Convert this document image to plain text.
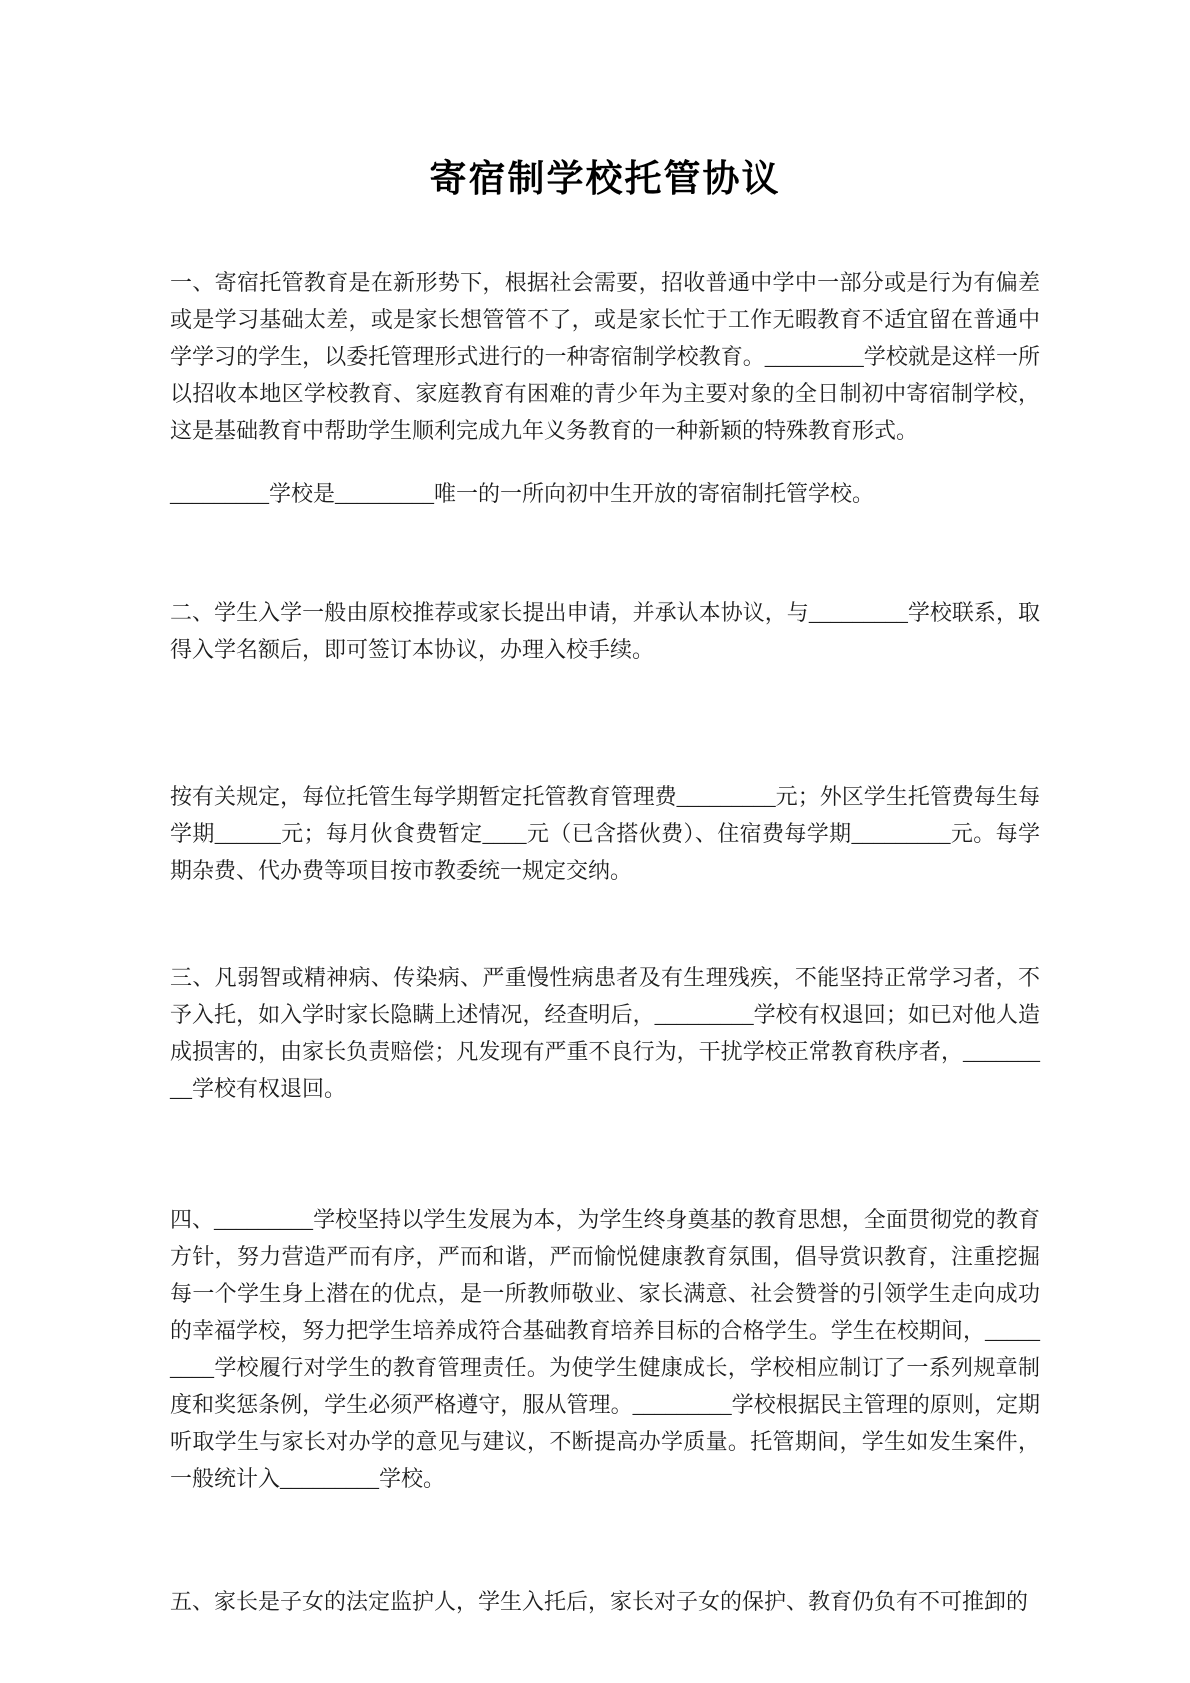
寄宿制学校托管协议

一、寄宿托管教育是在新形势下，根据社会需要，招收普通中学中一部分或是行为有偏差或是学习基础太差，或是家长想管管不了，或是家长忙于工作无暇教育不适宜留在普通中学学习的学生，以委托管理形式进行的一种寄宿制学校教育。_________学校就是这样一所以招收本地区学校教育、家庭教育有困难的青少年为主要对象的全日制初中寄宿制学校，这是基础教育中帮助学生顺利完成九年义务教育的一种新颖的特殊教育形式。

_________学校是_________唯一的一所向初中生开放的寄宿制托管学校。

二、学生入学一般由原校推荐或家长提出申请，并承认本协议，与_________学校联系，取得入学名额后，即可签订本协议，办理入校手续。

按有关规定，每位托管生每学期暂定托管教育管理费_________元；外区学生托管费每生每学期______元；每月伙食费暂定____元（已含搭伙费）、住宿费每学期_________元。每学期杂费、代办费等项目按市教委统一规定交纳。

三、凡弱智或精神病、传染病、严重慢性病患者及有生理残疾，不能坚持正常学习者，不予入托，如入学时家长隐瞒上述情况，经查明后，_________学校有权退回；如已对他人造成损害的，由家长负责赔偿；凡发现有严重不良行为，干扰学校正常教育秩序者，_________学校有权退回。

四、_________学校坚持以学生发展为本，为学生终身奠基的教育思想，全面贯彻党的教育方针，努力营造严而有序，严而和谐，严而愉悦健康教育氛围，倡导赏识教育，注重挖掘每一个学生身上潜在的优点，是一所教师敬业、家长满意、社会赞誉的引领学生走向成功的幸福学校，努力把学生培养成符合基础教育培养目标的合格学生。学生在校期间，_________学校履行对学生的教育管理责任。为使学生健康成长，学校相应制订了一系列规章制度和奖惩条例，学生必须严格遵守，服从管理。_________学校根据民主管理的原则，定期听取学生与家长对办学的意见与建议，不断提高办学质量。托管期间，学生如发生案件，一般统计入_________学校。

五、家长是子女的法定监护人，学生入托后，家长对子女的保护、教育仍负有不可推卸的
